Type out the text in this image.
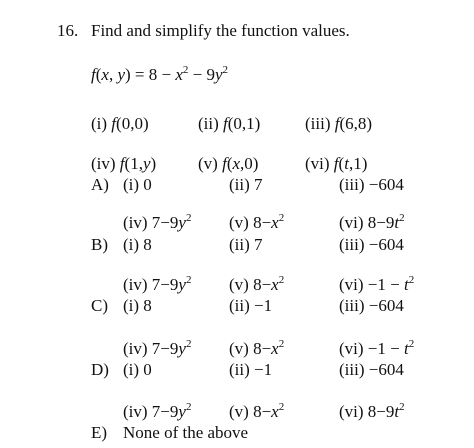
16. Find and simplify the function values.
f(x, $y) = 8 - x^2 - 9y^2$
(i) f(0,0)	(ii) f(0,1)	(iii) f(6,8)
(iv) f(1,y) (v) f(x,0)	(vi) f(t,1)
A) (i) 0	(ii) 7	(iii) −604
(iv) $7-9y^2$ (v) $8-x^2$	(vi) $8-9t^2$
B) (i) 8	(ii) 7	(iii) −604
(iv) $7-9y^2$ (v) $8-x^2$	$(vi) -1 - t^2$
C) (i) 8	(ii) −1	(iii) −604
(iv) $7-9y^2$ (v) $8-x^2$	$(vi) -1 - t^2$
D) (i) 0	(ii) −1	(iii) −604
(iv) $7-9y^2$ (v) $8-x^2$	(vi) $8-9t^2$
E) None of the above
